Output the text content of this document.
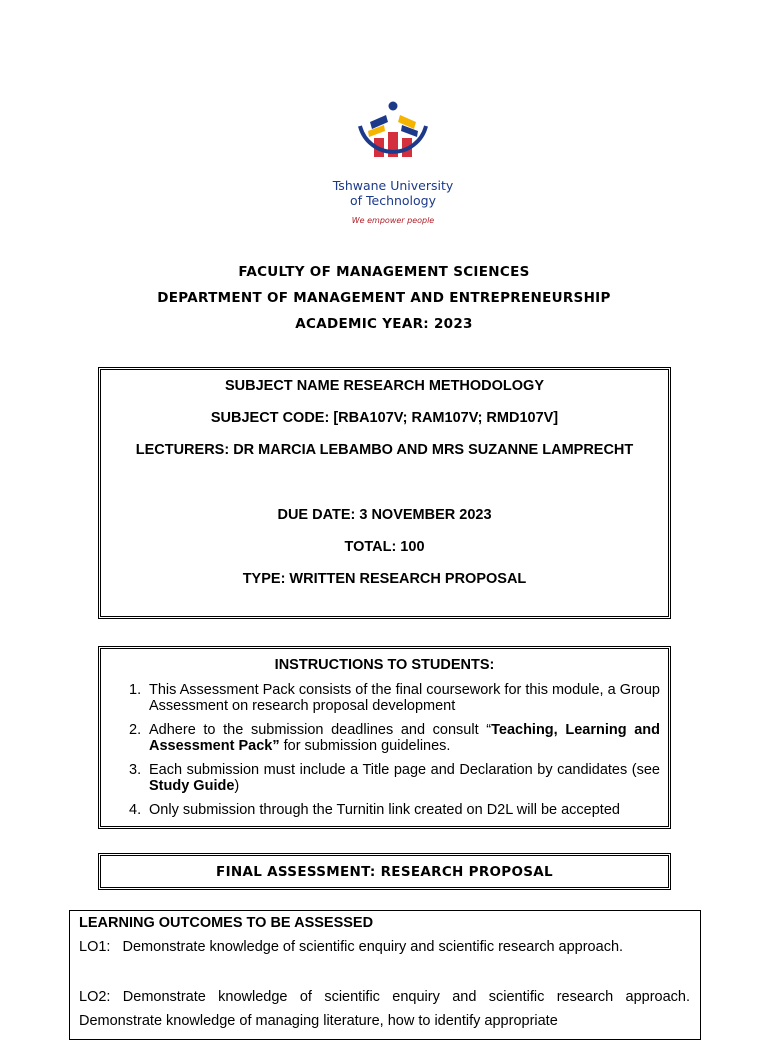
Tshwane University
of Technology
We empower people
FACULTY OF MANAGEMENT SCIENCES
DEPARTMENT OF MANAGEMENT AND ENTREPRENEURSHIP
ACADEMIC YEAR: 2023
SUBJECT NAME RESEARCH METHODOLOGY
SUBJECT CODE: [RBA107V; RAM107V; RMD107V]
LECTURERS: DR MARCIA LEBAMBO AND MRS SUZANNE LAMPRECHT
DUE DATE: 3 NOVEMBER 2023
TOTAL: 100
TYPE: WRITTEN RESEARCH PROPOSAL
INSTRUCTIONS TO STUDENTS:
1. This Assessment Pack consists of the final coursework for this module, a Group Assessment on research proposal development
2. Adhere to the submission deadlines and consult “Teaching, Learning and Assessment Pack” for submission guidelines.
3. Each submission must include a Title page and Declaration by candidates (see Study Guide)
4. Only submission through the Turnitin link created on D2L will be accepted
FINAL ASSESSMENT: RESEARCH PROPOSAL
LEARNING OUTCOMES TO BE ASSESSED
LO1:   Demonstrate knowledge of scientific enquiry and scientific research approach.
LO2: Demonstrate knowledge of scientific enquiry and scientific research approach. Demonstrate knowledge of managing literature, how to identify appropriate
